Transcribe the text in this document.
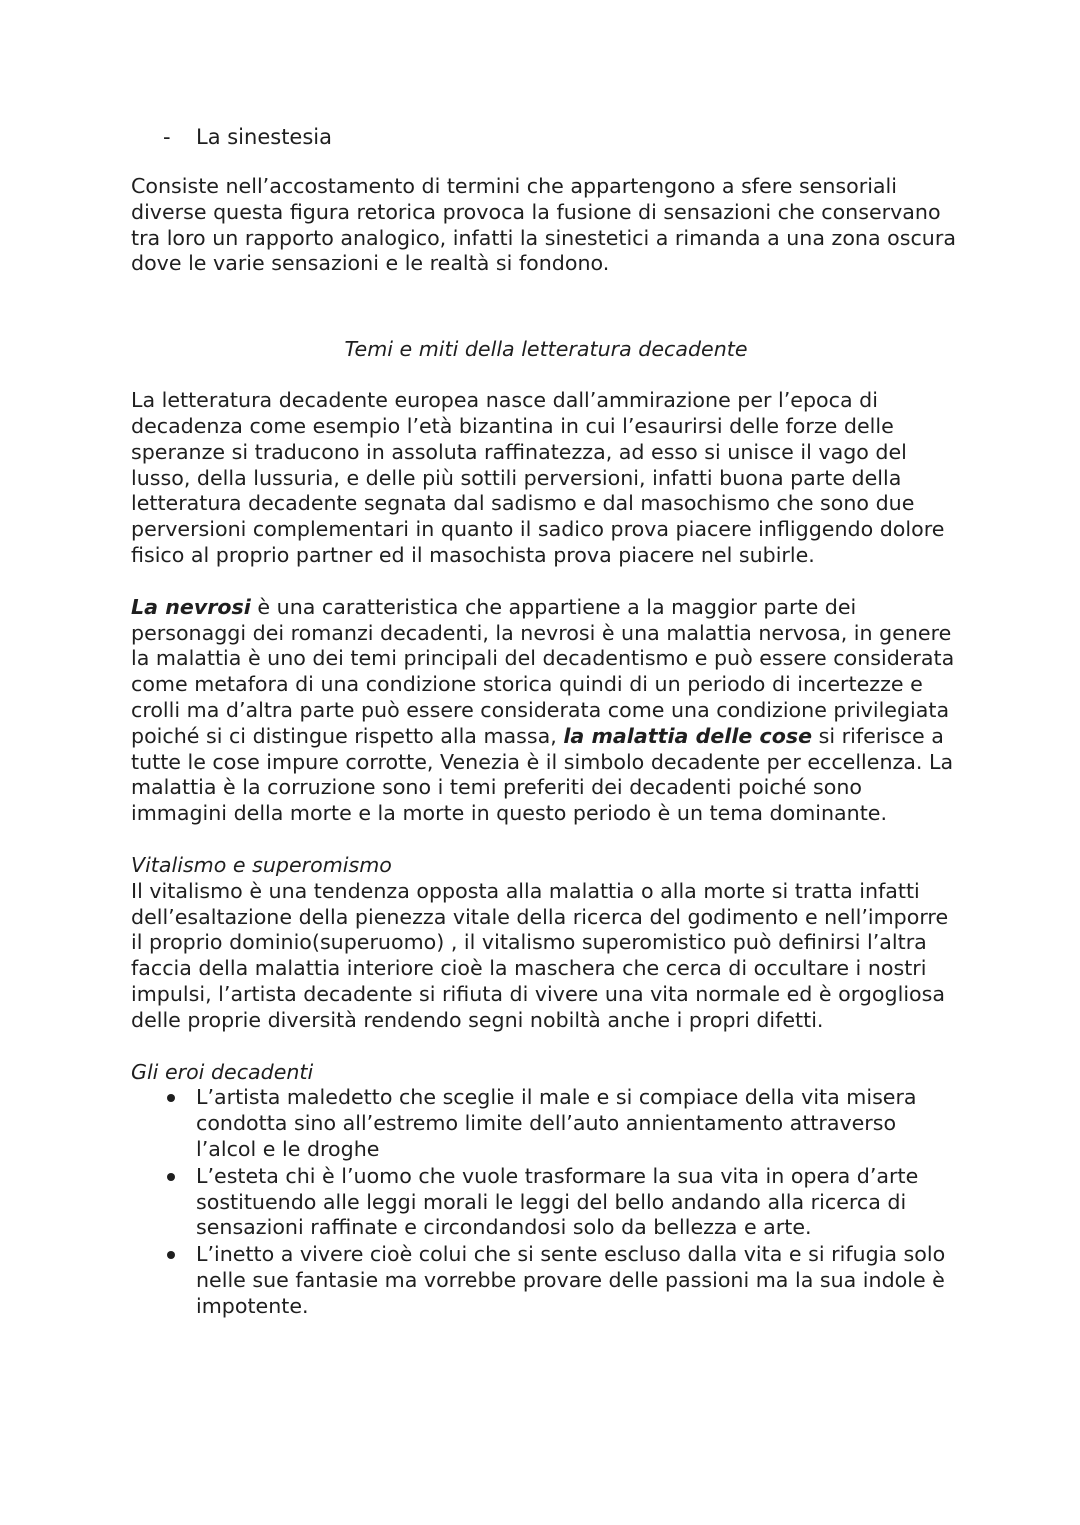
- La sinestesia

Consiste nell’accostamento di termini che appartengono a sfere sensoriali diverse questa figura retorica provoca la fusione di sensazioni che conservano tra loro un rapporto analogico, infatti la sinestetici a rimanda a una zona oscura dove le varie sensazioni e le realtà si fondono.

Temi e miti della letteratura decadente

La letteratura decadente europea nasce dall’ammirazione per l’epoca di decadenza come esempio l’età bizantina in cui l’esaurirsi delle forze delle speranze si traducono in assoluta raffinatezza, ad esso si unisce il vago del lusso, della lussuria, e delle più sottili perversioni, infatti buona parte della letteratura decadente segnata dal sadismo e dal masochismo che sono due perversioni complementari in quanto il sadico prova piacere infliggendo dolore fisico al proprio partner ed il masochista prova piacere nel subirle.

La nevrosi è una caratteristica che appartiene a la maggior parte dei personaggi dei romanzi decadenti, la nevrosi è una malattia nervosa, in genere la malattia è uno dei temi principali del decadentismo e può essere considerata come metafora di una condizione storica quindi di un periodo di incertezze e crolli ma d’altra parte può essere considerata come una condizione privilegiata poiché si ci distingue rispetto alla massa, la malattia delle cose si riferisce a tutte le cose impure corrotte, Venezia è il simbolo decadente per eccellenza. La malattia è la corruzione sono i temi preferiti dei decadenti poiché sono immagini della morte e la morte in questo periodo è un tema dominante.

Vitalismo e superomismo

Il vitalismo è una tendenza opposta alla malattia o alla morte si tratta infatti dell’esaltazione della pienezza vitale della ricerca del godimento e nell’imporre il proprio dominio(superuomo) , il vitalismo superomistico può definirsi l’altra faccia della malattia interiore cioè la maschera che cerca di occultare i nostri impulsi, l’artista decadente si rifiuta di vivere una vita normale ed è orgogliosa delle proprie diversità rendendo segni nobiltà anche i propri difetti.

Gli eroi decadenti
L’artista maledetto che sceglie il male e si compiace della vita misera condotta sino all’estremo limite dell’auto annientamento attraverso l’alcol e le droghe
L’esteta chi è l’uomo che vuole trasformare la sua vita in opera d’arte sostituendo alle leggi morali le leggi del bello andando alla ricerca di sensazioni raffinate e circondandosi solo da bellezza e arte.
L’inetto a vivere cioè colui che si sente escluso dalla vita e si rifugia solo nelle sue fantasie ma vorrebbe provare delle passioni ma la sua indole è impotente.
